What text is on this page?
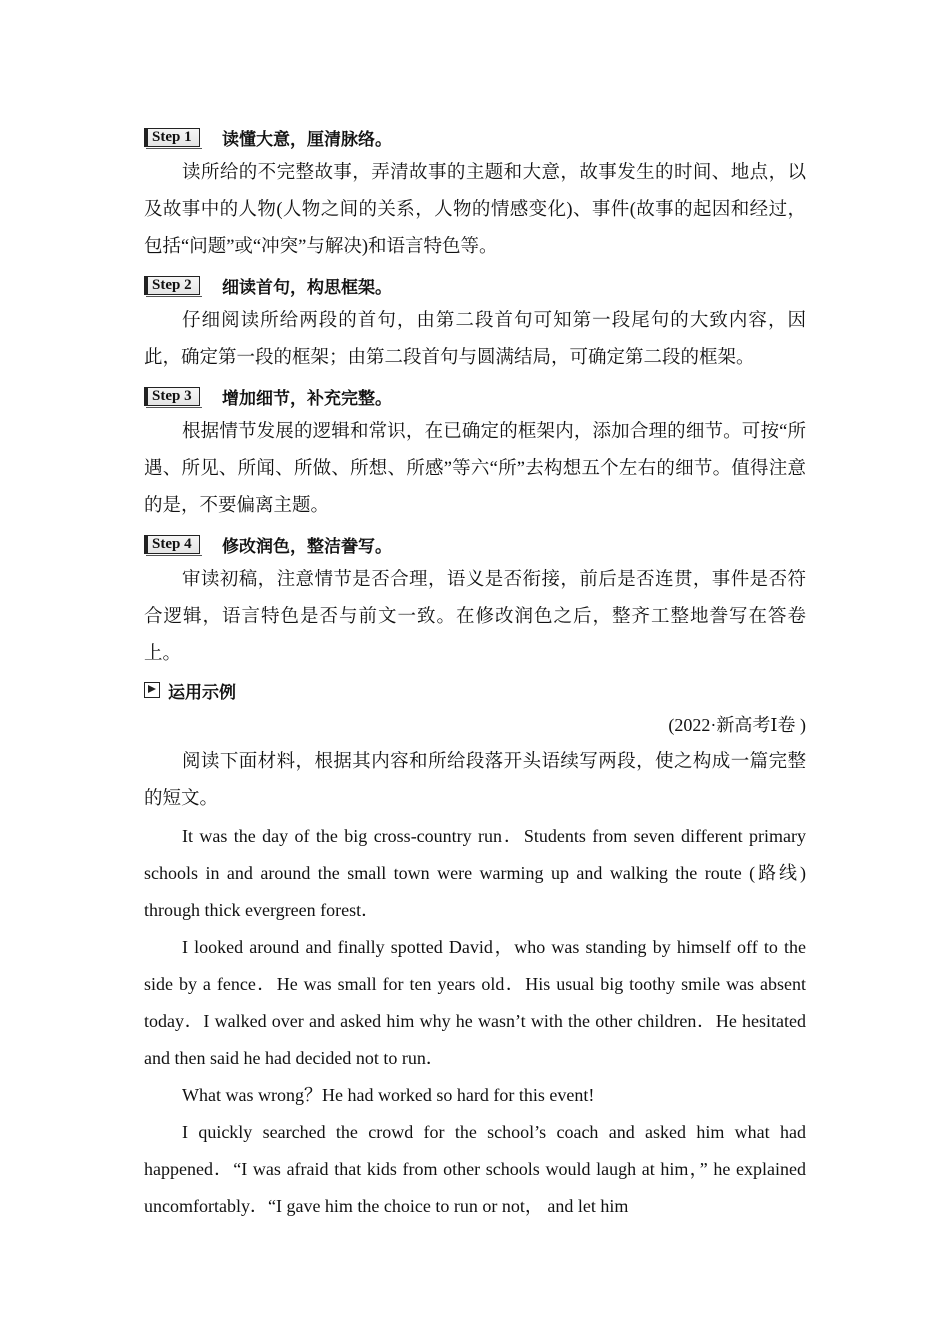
Step 1	读懂大意，厘清脉络。

读所给的不完整故事，弄清故事的主题和大意，故事发生的时间、地点，以及故事中的人物(人物之间的关系，人物的情感变化)、事件(故事的起因和经过，包括“问题”或“冲突”与解决)和语言特色等。

Step 2	细读首句，构思框架。

仔细阅读所给两段的首句，由第二段首句可知第一段尾句的大致内容，因此，确定第一段的框架；由第二段首句与圆满结局，可确定第二段的框架。

Step 3	增加细节，补充完整。

根据情节发展的逻辑和常识，在已确定的框架内，添加合理的细节。可按“所遇、所见、所闻、所做、所想、所感”等六“所”去构想五个左右的细节。值得注意的是，不要偏离主题。

Step 4	修改润色，整洁誊写。

审读初稿，注意情节是否合理，语义是否衔接，前后是否连贯，事件是否符合逻辑，语言特色是否与前文一致。在修改润色之后，整齐工整地誊写在答卷上。

运用示例
(2022·新高考Ⅰ卷 )

阅读下面材料，根据其内容和所给段落开头语续写两段，使之构成一篇完整的短文。

It was the day of the big cross-country run．Students from seven different primary schools in and around the small town were warming up and walking the route (路线) through thick evergreen forest．

I looked around and finally spotted David，who was standing by himself off to the side by a fence．He was small for ten years old．His usual big toothy smile was absent today．I walked over and asked him why he wasn’t with the other children．He hesitated and then said he had decided not to run．

What was wrong？He had worked so hard for this event!

I quickly searched the crowd for the school’s coach and asked him what had happened．“I was afraid that kids from other schools would laugh at him，” he explained uncomfortably．“I gave him the choice to run or not， and let him
